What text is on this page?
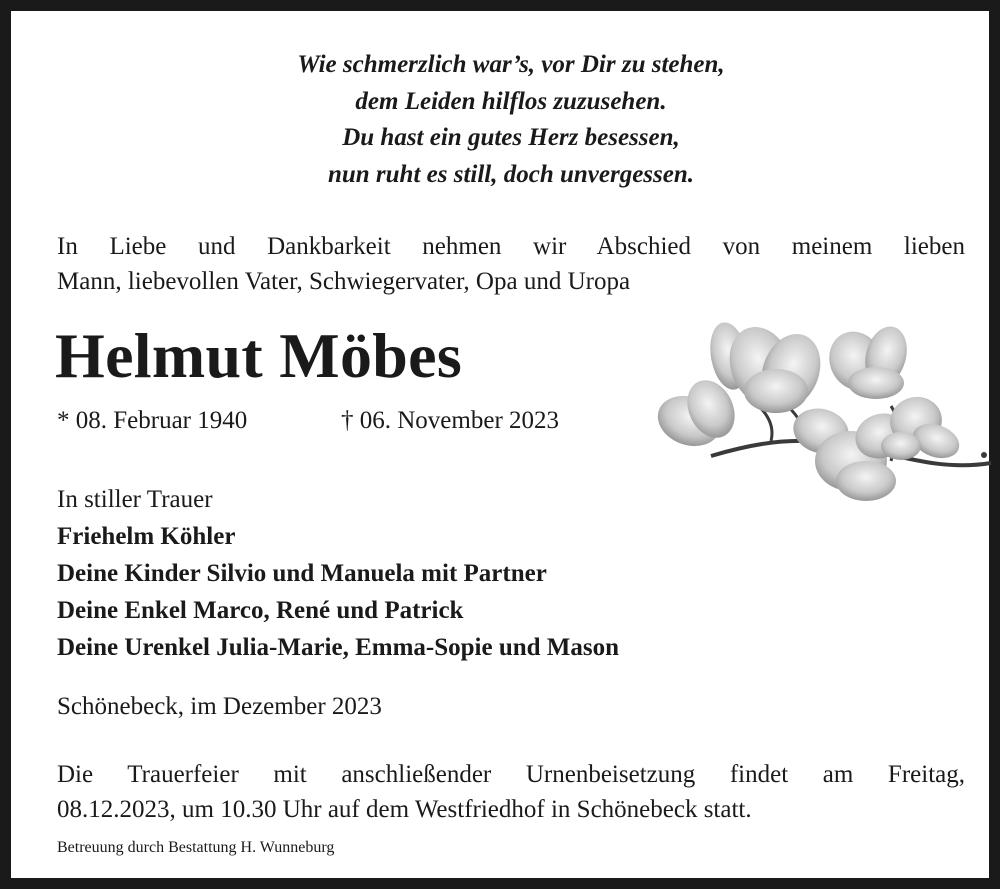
Wie schmerzlich war’s, vor Dir zu stehen,
dem Leiden hilflos zuzusehen.
Du hast ein gutes Herz besessen,
nun ruht es still, doch unvergessen.
In Liebe und Dankbarkeit nehmen wir Abschied von meinem lieben
Mann, liebevollen Vater, Schwiegervater, Opa und Uropa
Helmut Möbes
* 08. Februar 1940	† 06. November 2023
In stiller Trauer
Friehelm Köhler
Deine Kinder Silvio und Manuela mit Partner
Deine Enkel Marco, René und Patrick
Deine Urenkel Julia-Marie, Emma-Sopie und Mason
Schönebeck, im Dezember 2023
Die Trauerfeier mit anschließender Urnenbeisetzung findet am Freitag,
08.12.2023, um 10.30 Uhr auf dem Westfriedhof in Schönebeck statt.
Betreuung durch Bestattung H. Wunneburg
